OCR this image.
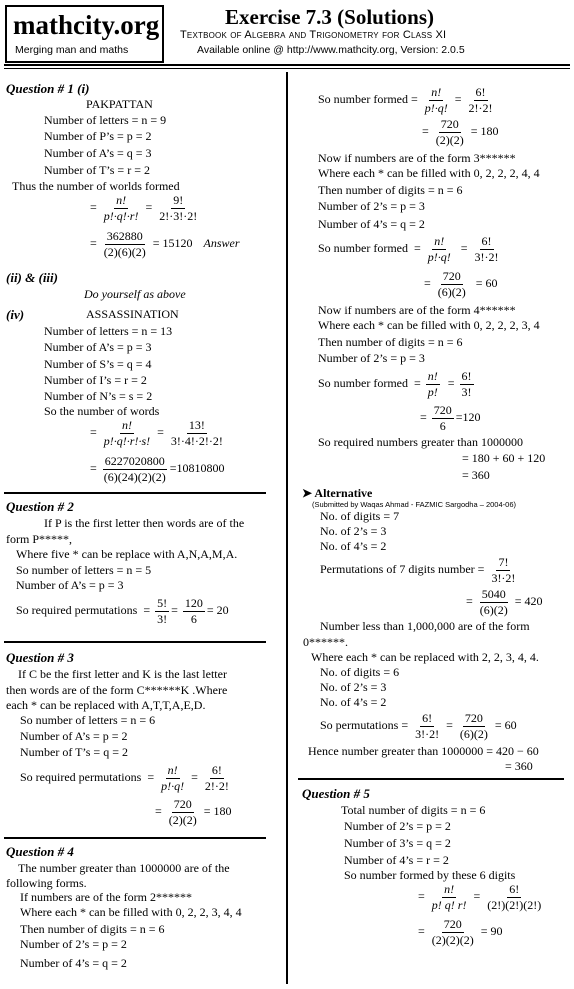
mathcity.org
Merging man and maths
Exercise 7.3 (Solutions)
Textbook of Algebra and Trigonometry for Class XI
Available online @ http://www.mathcity.org, Version: 2.0.5
Question # 1 (i)
PAKPATTAN
Number of letters = n = 9
Number of P’s = p = 2
Number of A’s = q = 3
Number of T’s = r = 2
Thus the number of worlds formed
= $\frac{n!}{p!\cdot q!\cdot r!} = \frac{9!}{2!\cdot 3!\cdot 2!}$
= $\frac{362880}{(2)(6)(2)} = 15120$ Answer
(ii) & (iii)
Do yourself as above
(iv)	ASSASSINATION
Number of letters = n = 13
Number of A’s = p = 3
Number of S’s = q = 4
Number of I’s = r = 2
Number of N’s = s = 2
So the number of words
= $\frac{n!}{p!\cdot q!\cdot r!\cdot s!} = \frac{13!}{3!\cdot 4!\cdot 2!\cdot 2!}$
= $\frac{6227020800}{(6)(24)(2)(2)} =10810800$
Question # 2
If P is the first letter then words are of the
form P*****,
Where five * can be replace with A,N,A,M,A.
So number of letters = n = 5
Number of A’s = p = 3
So required permutations  = $\frac{5!}{3!} = \frac{120}{6} = 20$
Question # 3
If C be the first letter and K is the last letter
then words are of the form C******K .Where
each * can be replaced with A,T,T,A,E,D.
So number of letters = n = 6
Number of A’s = p = 2
Number of T’s = q = 2
So required permutations  = $\frac{n!}{p!\cdot q!} = \frac{6!}{2!\cdot 2!}$
= $\frac{720}{(2)(2)} = 180$
Question # 4
The number greater than 1000000 are of the
following forms.
If numbers are of the form 2******
Where each * can be filled with 0, 2, 2, 3, 4, 4
Then number of digits = n = 6
Number of 2’s = p = 2
Number of 4’s = q = 2
So number formed = $\frac{n!}{p!\cdot q!} = \frac{6!}{2!\cdot 2!}$
= $\frac{720}{(2)(2)} = 180$
Now if numbers are of the form 3******
Where each * can be filled with 0, 2, 2, 2, 4, 4
Then number of digits = n = 6
Number of 2’s = p = 3
Number of 4’s = q = 2
So number formed  = $\frac{n!}{p!\cdot q!} = \frac{6!}{3!\cdot 2!}$
= $\frac{720}{(6)(2)} = 60$
Now if numbers are of the form 4******
Where each * can be filled with 0, 2, 2, 2, 3, 4
Then number of digits = n = 6
Number of 2’s = p = 3
So number formed  = $\frac{n!}{p!} = \frac{6!}{3!}$
= $\frac{720}{6} =120$
So required numbers greater than 1000000
= 180 + 60 + 120
= 360
➤ Alternative
(Submitted by Waqas Ahmad - FAZMIC Sargodha – 2004-06)
No. of digits = 7
No. of 2’s = 3
No. of 4’s = 2
Permutations of 7 digits number = $\frac{7!}{3!\cdot 2!}$
= $\frac{5040}{(6)(2)} = 420$
Number less than 1,000,000 are of the form
0******.
Where each * can be replaced with 2, 2, 3, 4, 4.
No. of digits = 6
No. of 2’s = 3
No. of 4’s = 2
So permutations = $\frac{6!}{3!\cdot 2!} = \frac{720}{(6)(2)} = 60$
Hence number greater than 1000000 = 420 − 60
= 360
Question # 5
Total number of digits = n = 6
Number of 2’s = p = 2
Number of 3’s = q = 2
Number of 4’s = r = 2
So number formed by these 6 digits
= $\frac{n!}{p! q! r!} = \frac{6!}{(2!)(2!)(2!)}$
= $\frac{720}{(2)(2)(2)} = 90$
